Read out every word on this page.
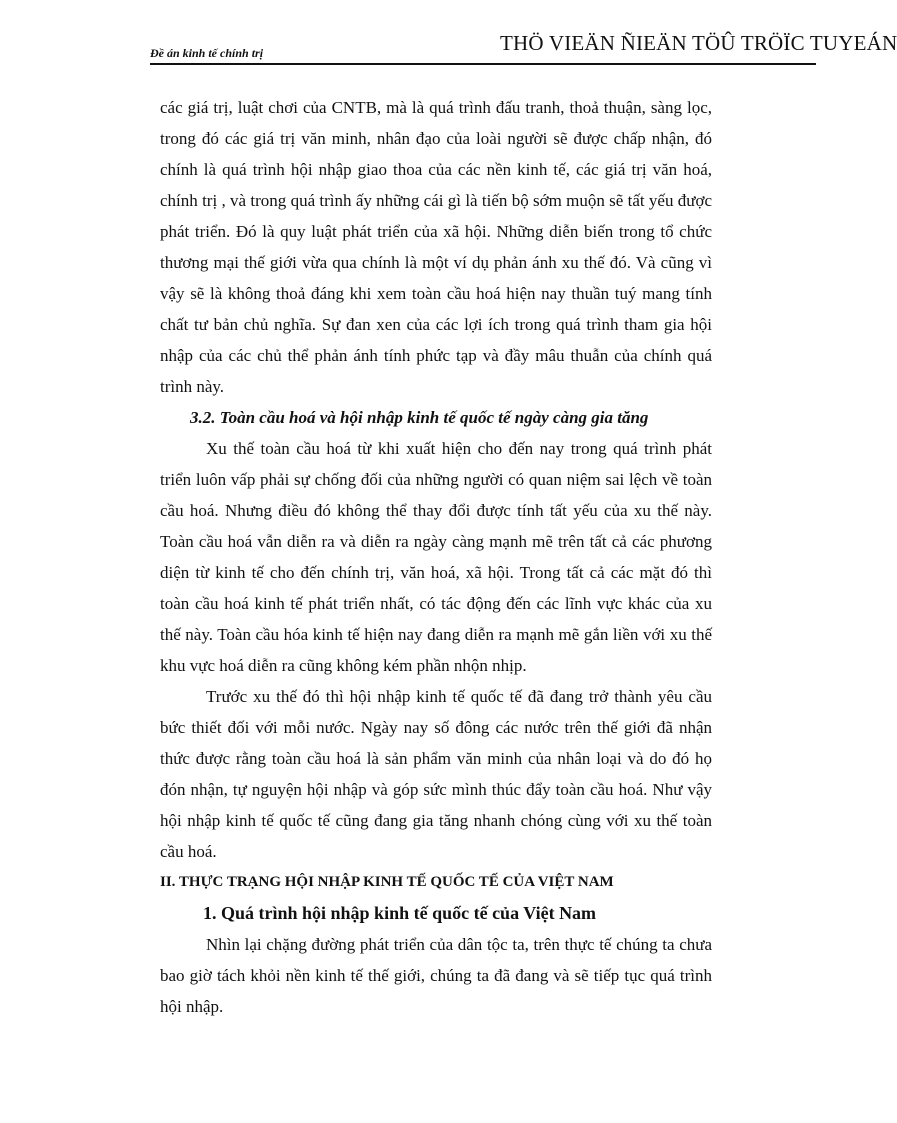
Đề án kinh tế chính trị	THÖ VIEÄN ÑIEÄN TÖÛ TRÖÏC TUYEÁN

các giá trị, luật chơi của CNTB, mà là quá trình đấu tranh, thoả thuận, sàng lọc, trong đó các giá trị văn minh, nhân đạo của loài người sẽ được chấp nhận, đó chính là quá trình hội nhập giao thoa của các nền kinh tế, các giá trị văn hoá, chính trị , và trong quá trình ấy những cái gì là tiến bộ sớm muộn sẽ tất yếu được phát triển. Đó là quy luật phát triển của xã hội. Những diễn biến trong tổ chức thương mại thế giới vừa qua chính là một ví dụ phản ánh xu thế đó. Và cũng vì vậy sẽ là không thoả đáng khi xem toàn cầu hoá hiện nay thuần tuý mang tính chất tư bản chủ nghĩa. Sự đan xen của các lợi ích trong quá trình tham gia hội nhập của các chủ thể phản ánh tính phức tạp và đầy mâu thuẫn của chính quá trình này.

3.2. Toàn cầu hoá và hội nhập kinh tế quốc tế ngày càng gia tăng

Xu thế toàn cầu hoá từ khi xuất hiện cho đến nay trong quá trình phát triển luôn vấp phải sự chống đối của những người có quan niệm sai lệch về toàn cầu hoá. Nhưng điều đó không thể thay đổi được tính tất yếu của xu thế này. Toàn cầu hoá vẫn diễn ra và diễn ra ngày càng mạnh mẽ trên tất cả các phương diện từ kinh tế cho đến chính trị, văn hoá, xã hội. Trong tất cả các mặt đó thì toàn cầu hoá kinh tế phát triển nhất, có tác động đến các lĩnh vực khác của xu thế này. Toàn cầu hóa kinh tế hiện nay đang diễn ra mạnh mẽ gắn liền với xu thế khu vực hoá diễn ra cũng không kém phần nhộn nhịp.

Trước xu thế đó thì hội nhập kinh tế quốc tế đã đang trở thành yêu cầu bức thiết đối với mỗi nước. Ngày nay số đông các nước trên thế giới đã nhận thức được rằng toàn cầu hoá là sản phẩm văn minh của nhân loại và do đó họ đón nhận, tự nguyện hội nhập và góp sức mình thúc đẩy toàn cầu hoá. Như vậy hội nhập kinh tế quốc tế cũng đang gia tăng nhanh chóng cùng với xu thế toàn cầu hoá.

II. THỰC TRẠNG HỘI NHẬP KINH TẾ QUỐC TẾ CỦA VIỆT NAM

1. Quá trình hội nhập kinh tế quốc tế của Việt Nam

Nhìn lại chặng đường phát triển của dân tộc ta, trên thực tế chúng ta chưa bao giờ tách khỏi nền kinh tế thế giới, chúng ta đã đang và sẽ tiếp tục quá trình hội nhập.
